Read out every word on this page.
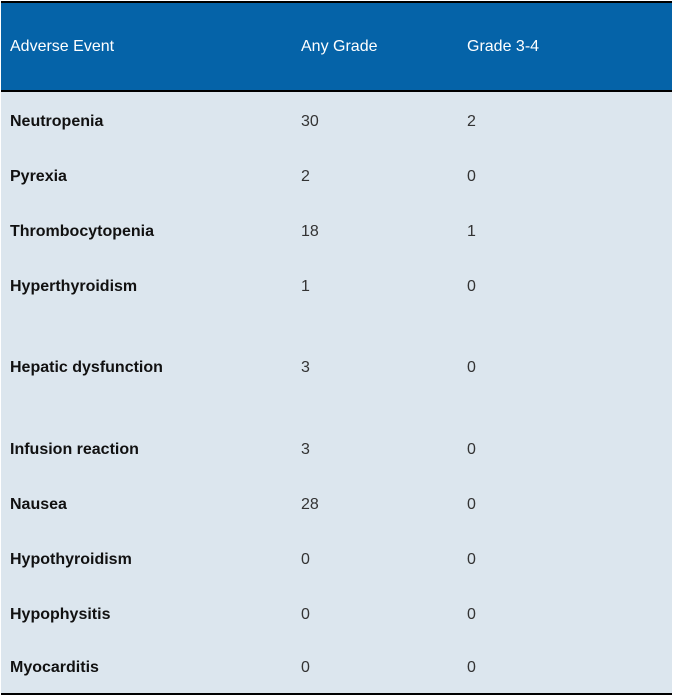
Adverse Event	Any Grade	Grade 3-4
Neutropenia	30	2
Pyrexia	2	0
Thrombocytopenia	18	1
Hyperthyroidism	1	0
Hepatic dysfunction	3	0
Infusion reaction	3	0
Nausea	28	0
Hypothyroidism	0	0
Hypophysitis	0	0
Myocarditis	0	0
